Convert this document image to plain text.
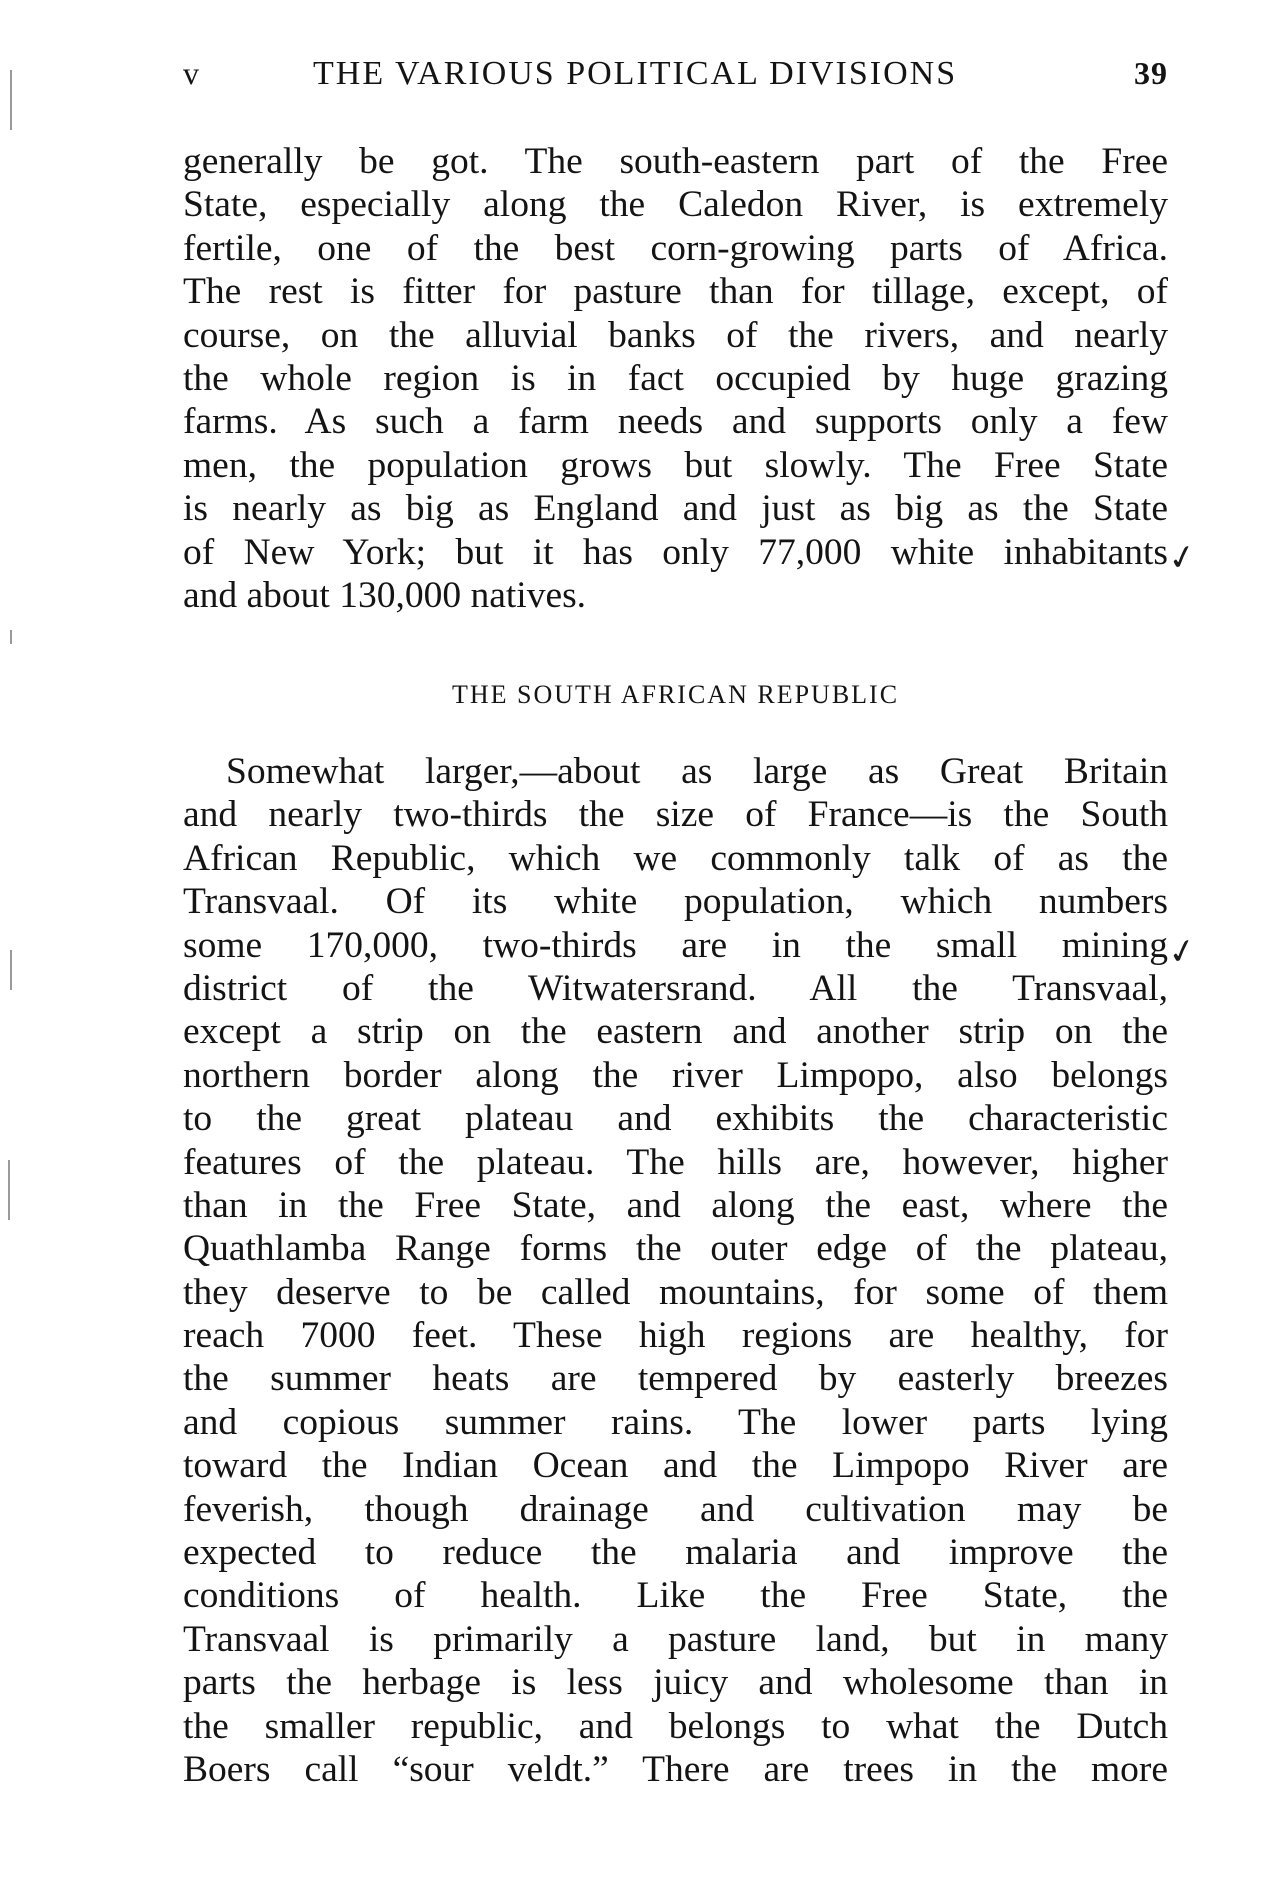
v	THE VARIOUS POLITICAL DIVISIONS	39
generally be got. The south-eastern part of the Free
State, especially along the Caledon River, is extremely
fertile, one of the best corn-growing parts of Africa.
The rest is fitter for pasture than for tillage, except, of
course, on the alluvial banks of the rivers, and nearly
the whole region is in fact occupied by huge grazing
farms. As such a farm needs and supports only a few
men, the population grows but slowly. The Free State
is nearly as big as England and just as big as the State
of New York; but it has only 77,000 white inhabitants
and about 130,000 natives.
✓
THE SOUTH AFRICAN REPUBLIC
Somewhat larger,—about as large as Great Britain
and nearly two-thirds the size of France—is the South
African Republic, which we commonly talk of as the
Transvaal. Of its white population, which numbers
some 170,000, two-thirds are in the small mining
district of the Witwatersrand. All the Transvaal,
except a strip on the eastern and another strip on the
northern border along the river Limpopo, also belongs
to the great plateau and exhibits the characteristic
features of the plateau. The hills are, however, higher
than in the Free State, and along the east, where the
Quathlamba Range forms the outer edge of the plateau,
they deserve to be called mountains, for some of them
reach 7000 feet. These high regions are healthy, for
the summer heats are tempered by easterly breezes
and copious summer rains. The lower parts lying
toward the Indian Ocean and the Limpopo River are
feverish, though drainage and cultivation may be
expected to reduce the malaria and improve the
conditions of health. Like the Free State, the
Transvaal is primarily a pasture land, but in many
parts the herbage is less juicy and wholesome than in
the smaller republic, and belongs to what the Dutch
Boers call “sour veldt.” There are trees in the more
✓
